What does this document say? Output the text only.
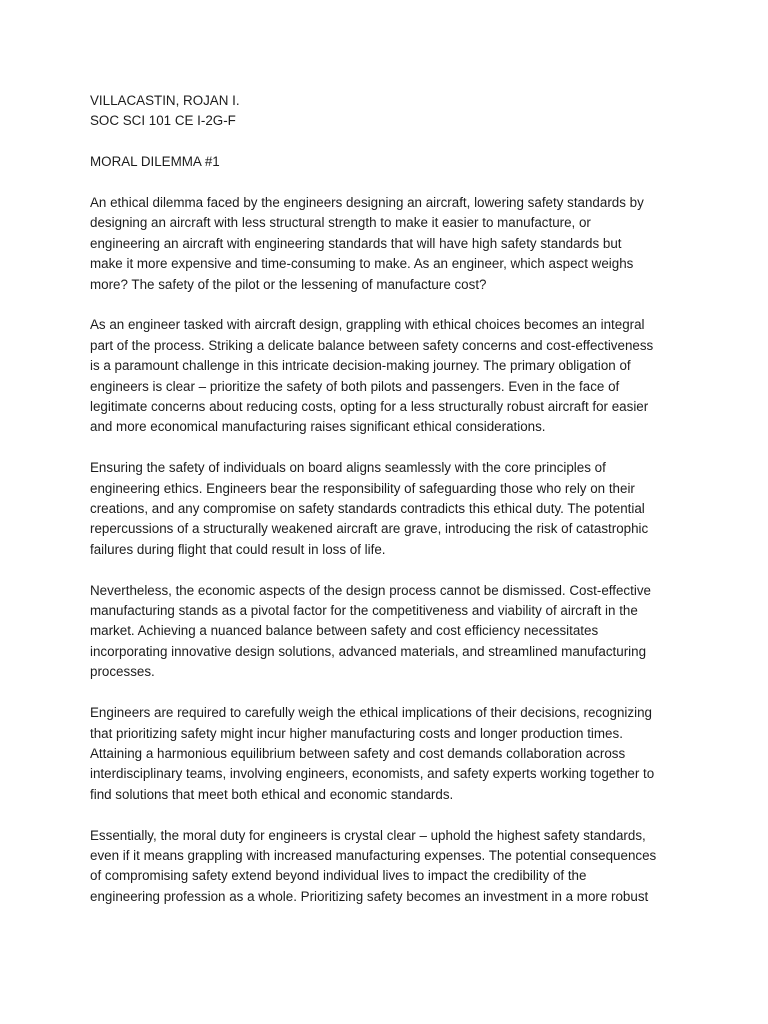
VILLACASTIN, ROJAN I.

SOC SCI 101 CE I-2G-F

MORAL DILEMMA #1

An ethical dilemma faced by the engineers designing an aircraft, lowering safety standards by
designing an aircraft with less structural strength to make it easier to manufacture, or
engineering an aircraft with engineering standards that will have high safety standards but
make it more expensive and time-consuming to make. As an engineer, which aspect weighs
more? The safety of the pilot or the lessening of manufacture cost?
As an engineer tasked with aircraft design, grappling with ethical choices becomes an integral
part of the process. Striking a delicate balance between safety concerns and cost-effectiveness
is a paramount challenge in this intricate decision-making journey. The primary obligation of
engineers is clear – prioritize the safety of both pilots and passengers. Even in the face of
legitimate concerns about reducing costs, opting for a less structurally robust aircraft for easier
and more economical manufacturing raises significant ethical considerations.
Ensuring the safety of individuals on board aligns seamlessly with the core principles of
engineering ethics. Engineers bear the responsibility of safeguarding those who rely on their
creations, and any compromise on safety standards contradicts this ethical duty. The potential
repercussions of a structurally weakened aircraft are grave, introducing the risk of catastrophic
failures during flight that could result in loss of life.
Nevertheless, the economic aspects of the design process cannot be dismissed. Cost-effective
manufacturing stands as a pivotal factor for the competitiveness and viability of aircraft in the
market. Achieving a nuanced balance between safety and cost efficiency necessitates
incorporating innovative design solutions, advanced materials, and streamlined manufacturing
processes.
Engineers are required to carefully weigh the ethical implications of their decisions, recognizing
that prioritizing safety might incur higher manufacturing costs and longer production times.
Attaining a harmonious equilibrium between safety and cost demands collaboration across
interdisciplinary teams, involving engineers, economists, and safety experts working together to
find solutions that meet both ethical and economic standards.
Essentially, the moral duty for engineers is crystal clear – uphold the highest safety standards,
even if it means grappling with increased manufacturing expenses. The potential consequences
of compromising safety extend beyond individual lives to impact the credibility of the
engineering profession as a whole. Prioritizing safety becomes an investment in a more robust
